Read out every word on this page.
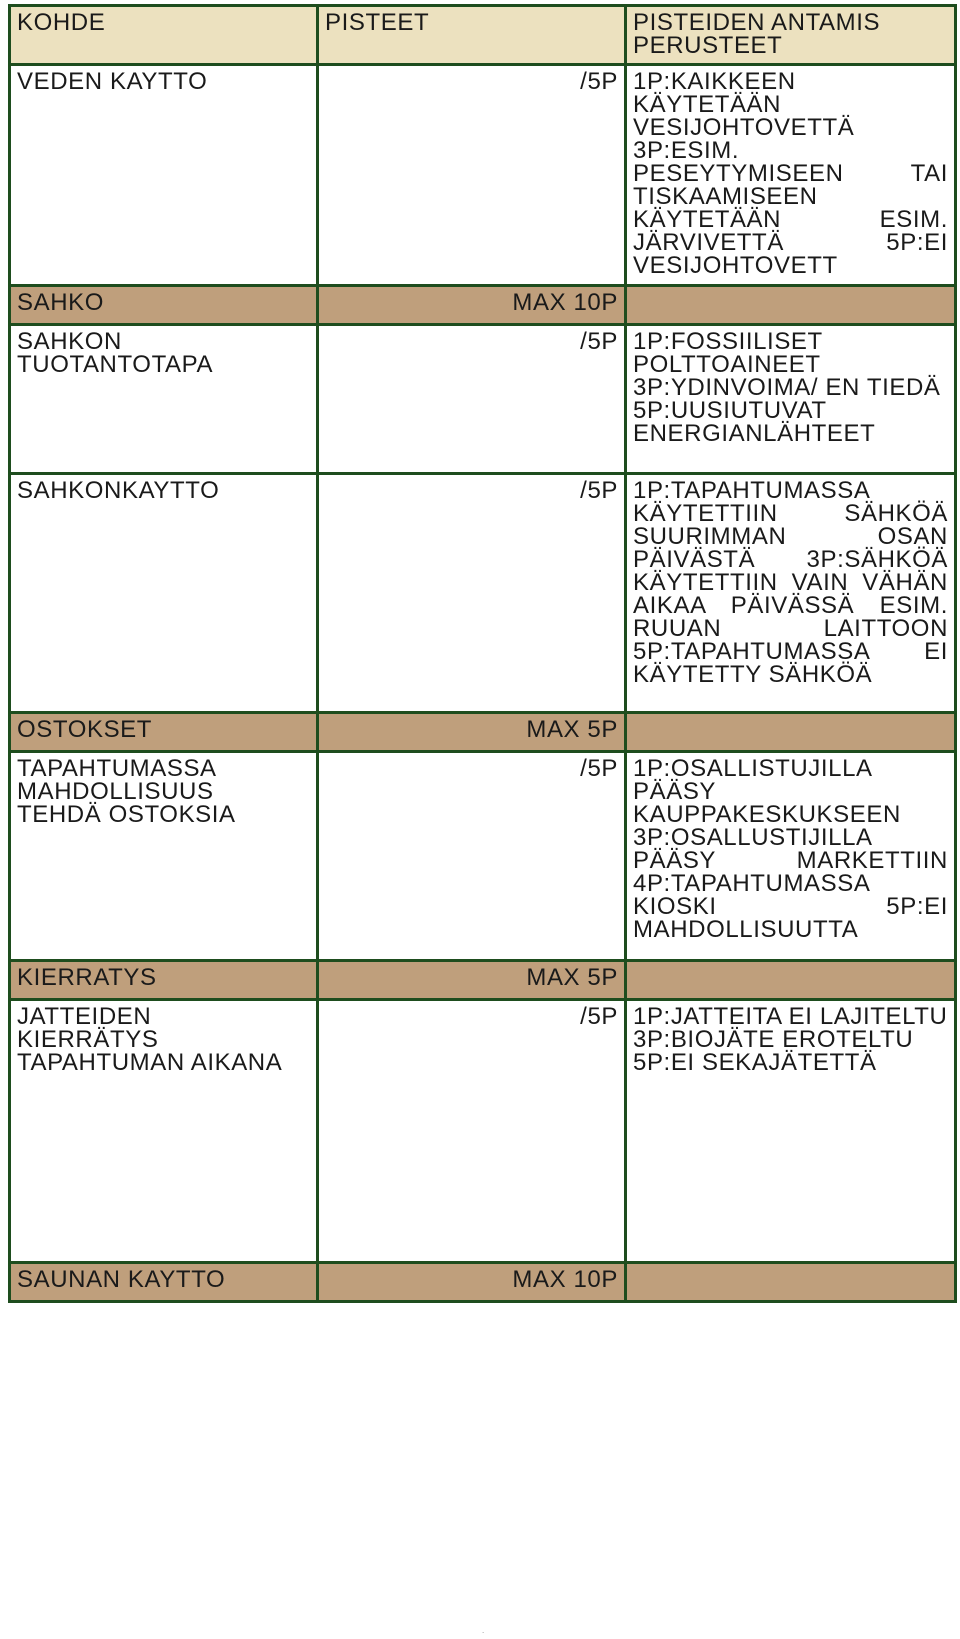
KOHDE	PISTEET	PISTEIDEN ANTAMIS
PERUSTEET
VEDEN KAYTTO	/5P	1P:KAIKKEEN KÄYTETÄÄN VESIJOHTOVETTÄ 3P:ESIM. PESEYTYMISEEN TAI TISKAAMISEEN KÄYTETÄÄN ESIM. JÄRVIVETTÄ 5P:EI VESIJOHTOVETT
SAHKO	MAX 10P	
SAHKON
TUOTANTOTAPA	/5P	1P:FOSSIILISET POLTTOAINEET
3P:YDINVOIMA/ EN TIEDÄ
5P:UUSIUTUVAT ENERGIANLÄHTEET
SAHKONKAYTTO	/5P	1P:TAPAHTUMASSA KÄYTETTIIN SÄHKÖÄ SUURIMMAN OSAN PÄIVÄSTÄ 3P:SÄHKÖÄ KÄYTETTIIN VAIN VÄHÄN AIKAA PÄIVÄSSÄ ESIM. RUUAN LAITTOON 5P:TAPAHTUMASSA EI KÄYTETTY SÄHKÖÄ
OSTOKSET	MAX 5P	
TAPAHTUMASSA
MAHDOLLISUUS
TEHDÄ OSTOKSIA	/5P	1P:OSALLISTUJILLA PÄÄSY KAUPPAKESKUKSEEN 3P:OSALLUSTIJILLA PÄÄSY MARKETTIIN 4P:TAPAHTUMASSA KIOSKI 5P:EI MAHDOLLISUUTTA
KIERRATYS	MAX 5P	
JATTEIDEN
KIERRÄTYS
TAPAHTUMAN AIKANA	/5P	1P:JATTEITA EI LAJITELTU
3P:BIOJÄTE EROTELTU
5P:EI SEKAJÄTETTÄ
SAUNAN KAYTTO	MAX 10P	
.
